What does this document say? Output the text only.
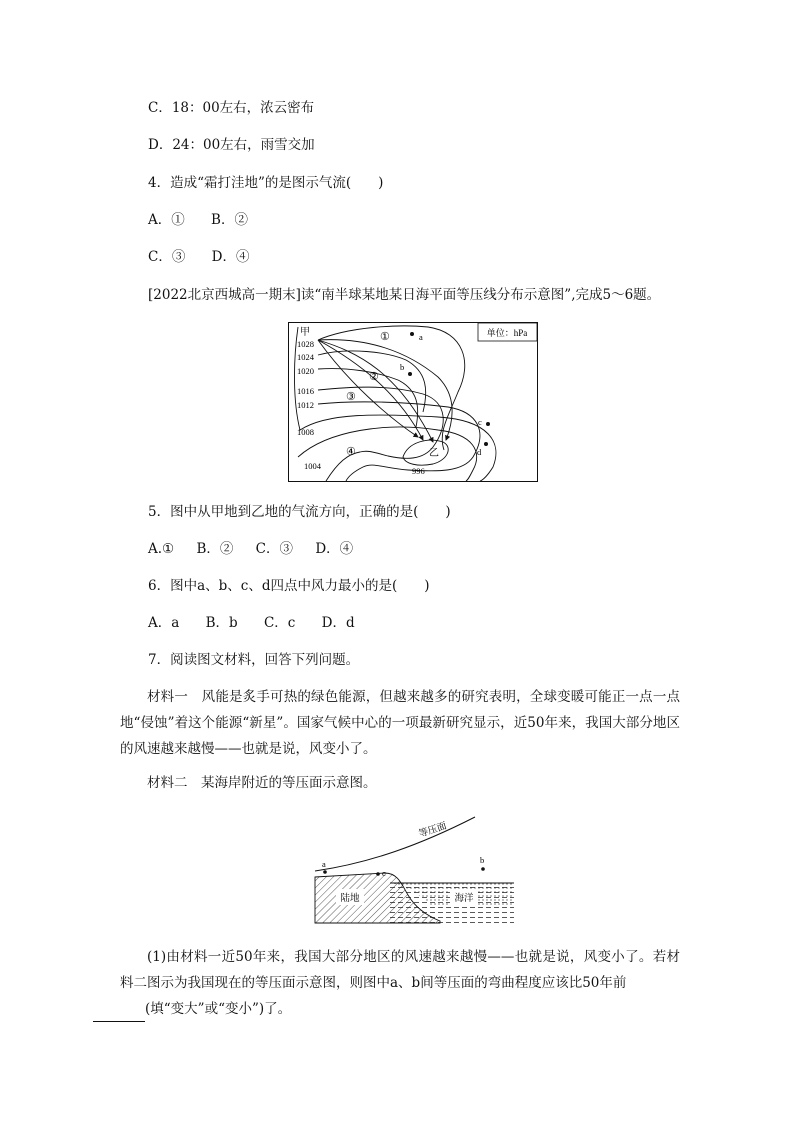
C．18：00左右，浓云密布
D．24：00左右，雨雪交加
4．造成“霜打洼地”的是图示气流(　　)
A．① B．②
C．③ D．④
[2022北京西城高一期末]读“南半球某地某日海平面等压线分布示意图”,完成5～6题。
单位：hPa
甲
1028
1024
1020
1016
1012
1008
1004	996
乙
①
②
③
④
a
b
c
d
5．图中从甲地到乙地的气流方向，正确的是(　　)
A.① B．② C．③ D．④
6．图中a、b、c、d四点中风力最小的是(　　)
A．a B．b C．c D．d
7．阅读图文材料，回答下列问题。
材料一　风能是炙手可热的绿色能源，但越来越多的研究表明，全球变暖可能正一点一点地“侵蚀”着这个能源“新星”。国家气候中心的一项最新研究显示，近50年来，我国大部分地区的风速越来越慢——也就是说，风变小了。
材料二　某海岸附近的等压面示意图。
陆地	海洋
等压面
a
c
b
(1)由材料一近50年来，我国大部分地区的风速越来越慢——也就是说，风变小了。若材料二图示为我国现在的等压面示意图，则图中a、b间等压面的弯曲程度应该比50年前
(填“变大”或“变小”)了。
